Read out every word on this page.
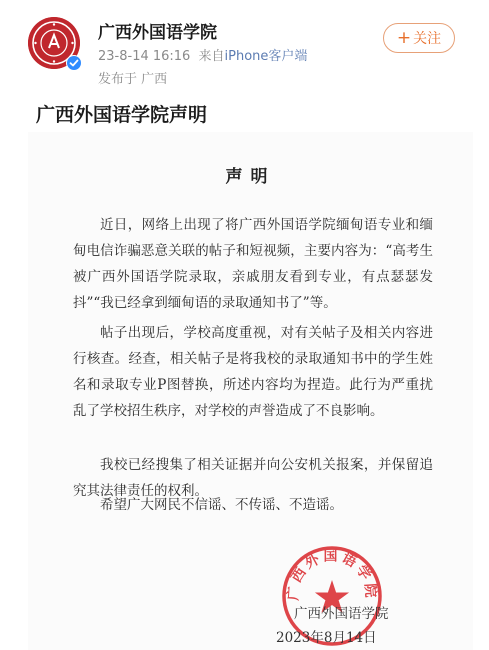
广西外国语学院
23-8-14 16:16 来自iPhone客户端
发布于 广西
+ 关注
广西外国语学院声明
声明
近日，网络上出现了将广西外国语学院缅甸语专业和缅甸电信诈骗恶意关联的帖子和短视频，主要内容为：“高考生被广西外国语学院录取，亲戚朋友看到专业，有点瑟瑟发抖”“我已经拿到缅甸语的录取通知书了”等。
帖子出现后，学校高度重视，对有关帖子及相关内容进行核查。经查，相关帖子是将我校的录取通知书中的学生姓名和录取专业P图替换，所述内容均为捏造。此行为严重扰乱了学校招生秩序，对学校的声誉造成了不良影响。
我校已经搜集了相关证据并向公安机关报案，并保留追究其法律责任的权利。
希望广大网民不信谣、不传谣、不造谣。
广西外国语学院
广西外国语学院
2023年8月14日
